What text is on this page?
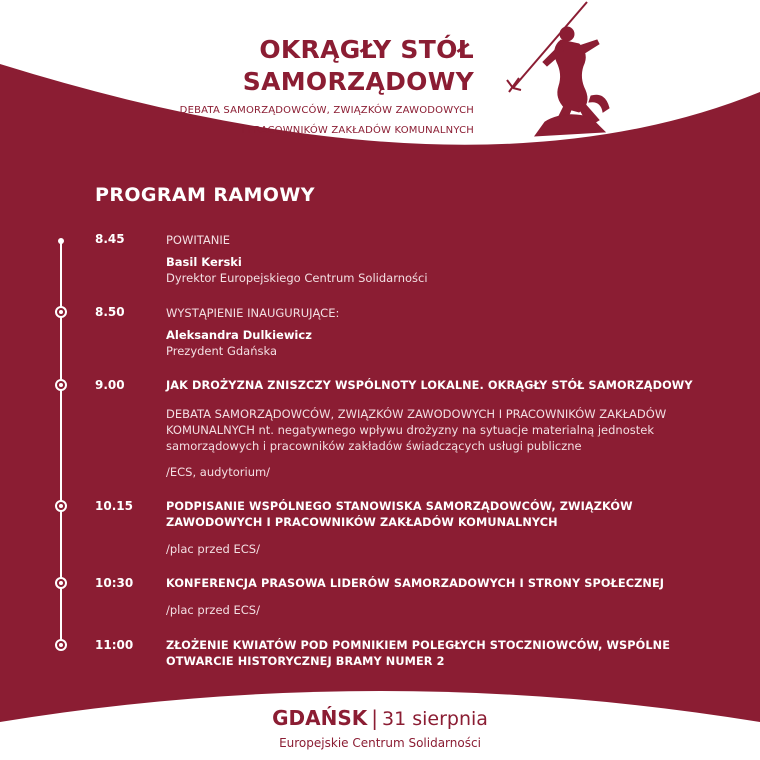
OKRĄGŁY STÓŁ
SAMORZĄDOWY
DEBATA SAMORZĄDOWCÓW, ZWIĄZKÓW ZAWODOWYCH
I PRACOWNIKÓW ZAKŁADÓW KOMUNALNYCH
PROGRAM RAMOWY
8.45	POWITANIE
Basil Kerski
Dyrektor Europejskiego Centrum Solidarności
8.50	WYSTĄPIENIE INAUGURUJĄCE:
Aleksandra Dulkiewicz
Prezydent Gdańska
9.00	JAK DROŻYZNA ZNISZCZY WSPÓLNOTY LOKALNE. OKRĄGŁY STÓŁ SAMORZĄDOWY
DEBATA SAMORZĄDOWCÓW, ZWIĄZKÓW ZAWODOWYCH I PRACOWNIKÓW ZAKŁADÓW
KOMUNALNYCH nt. negatywnego wpływu drożyzny na sytuacje materialną jednostek
samorządowych i pracowników zakładów świadczących usługi publiczne
/ECS, audytorium/
10.15	PODPISANIE WSPÓLNEGO STANOWISKA SAMORZĄDOWCÓW, ZWIĄZKÓW
ZAWODOWYCH I PRACOWNIKÓW ZAKŁADÓW KOMUNALNYCH
/plac przed ECS/
10:30	KONFERENCJA PRASOWA LIDERÓW SAMORZADOWYCH I STRONY SPOŁECZNEJ
/plac przed ECS/
11:00	ZŁOŻENIE KWIATÓW POD POMNIKIEM POLEGŁYCH STOCZNIOWCÓW, WSPÓLNE
OTWARCIE HISTORYCZNEJ BRAMY NUMER 2
GDAŃSK | 31 sierpnia
Europejskie Centrum Solidarności
